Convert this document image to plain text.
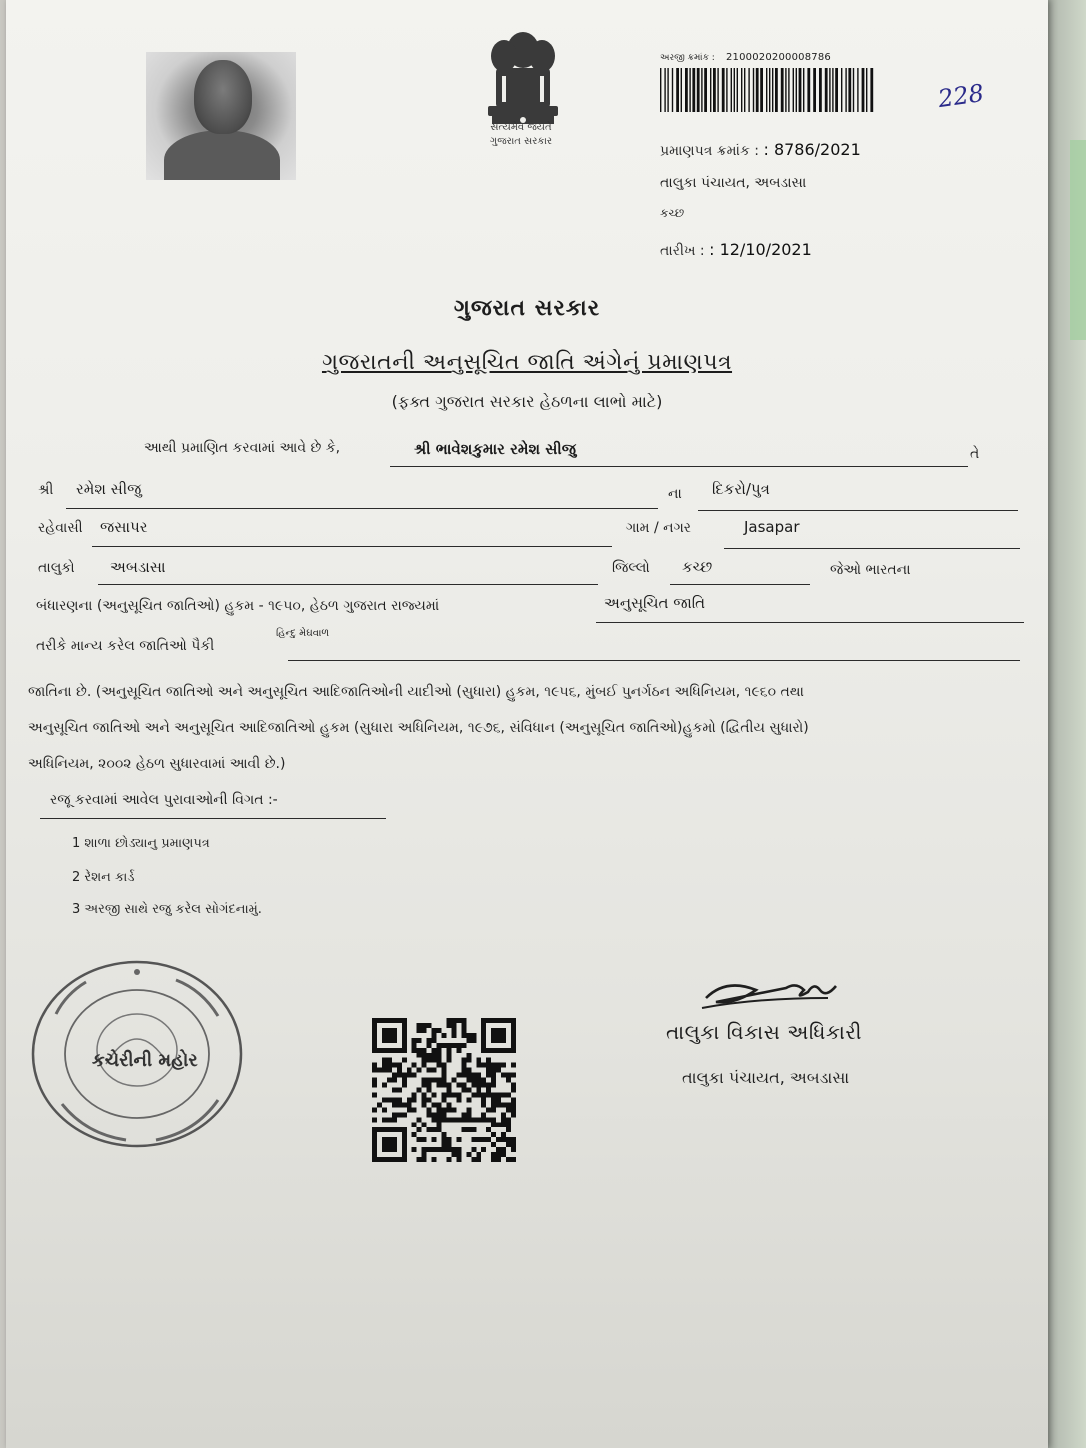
સત્યમેવ જયતે
ગુજરાત સરકાર
અરજી ક્રમાંક : 2100020200008786
228
પ્રમાણપત્ર ક્રમાંક : : 8786/2021
તાલુકા પંચાયત, અબડાસા
કચ્છ
તારીખ : : 12/10/2021
ગુજરાત સરકાર
ગુજરાતની અનુસૂચિત જાતિ અંગેનું પ્રમાણપત્ર
(ફક્ત ગુજરાત સરકાર હેઠળના લાભો માટે)
આથી પ્રમાણિત કરવામાં આવે છે કે,	શ્રી ભાવેશકુમાર રમેશ સીજુ	તે
શ્રી રમેશ સીજુ	ના દિકરો/પુત્ર
રહેવાસી જસાપર	ગામ / નગર	Jasapar
તાલુકો અબડાસા	જિલ્લો કચ્છ	જેઓ ભારતના
બંધારણના (અનુસૂચિત જાતિઓ) હુકમ - ૧૯૫૦, હેઠળ ગુજરાત રાજ્યમાં	અનુસૂચિત જાતિ
તરીકે માન્ય કરેલ જાતિઓ પૈકી
હિન્દુ મેઘવાળ
જાતિના છે. (અનુસૂચિત જાતિઓ અને અનુસૂચિત આદિજાતિઓની યાદીઓ (સુધારા) હુકમ, ૧૯૫૬, મુંબઈ પુનર્ગઠન અધિનિયમ, ૧૯૬૦ તથા
અનુસૂચિત જાતિઓ અને અનુસૂચિત આદિજાતિઓ હુકમ (સુધારા અધિનિયમ, ૧૯૭૬, સંવિધાન (અનુસૂચિત જાતિઓ)હુકમો (દ્વિતીય સુધારો)
અધિનિયમ, ૨૦૦૨ હેઠળ સુધારવામાં આવી છે.)
રજૂ કરવામાં આવેલ પુરાવાઓની વિગત :-
1 શાળા છોડ્યાનુ પ્રમાણપત્ર
2 રેશન કાર્ડ
3 અરજી સાથે રજુ કરેલ સોગંદનામું.
કચેરીની મહોર
તાલુકા વિકાસ અધિકારી
તાલુકા પંચાયત, અબડાસા
